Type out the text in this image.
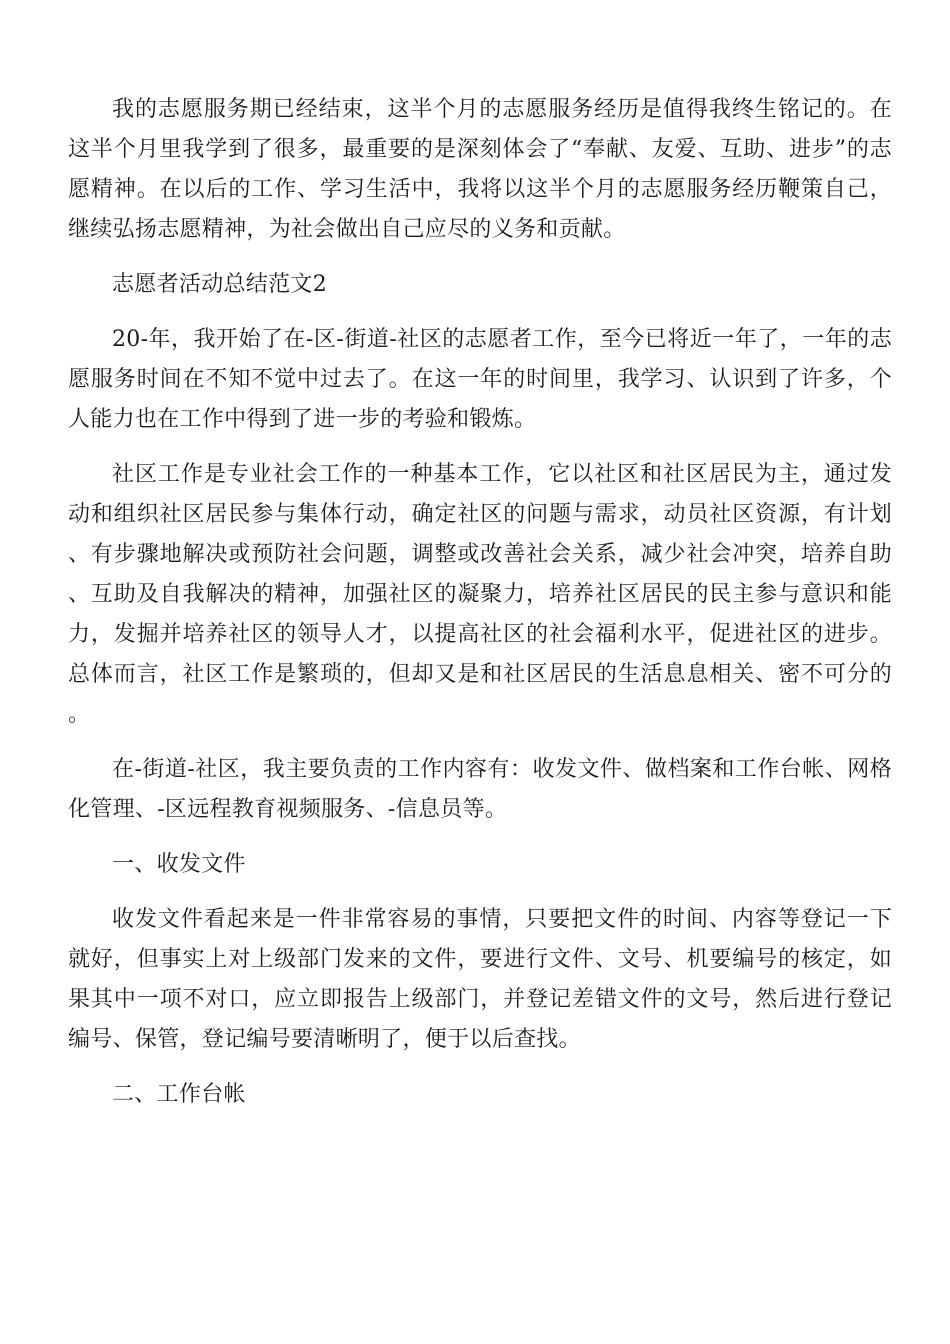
我的志愿服务期已经结束，这半个月的志愿服务经历是值得我终生铭记的。在这半个月里我学到了很多，最重要的是深刻体会了“奉献、友爱、互助、进步”的志愿精神。在以后的工作、学习生活中，我将以这半个月的志愿服务经历鞭策自己，继续弘扬志愿精神，为社会做出自己应尽的义务和贡献。

志愿者活动总结范文2

20-年，我开始了在-区-街道-社区的志愿者工作，至今已将近一年了，一年的志愿服务时间在不知不觉中过去了。在这一年的时间里，我学习、认识到了许多，个人能力也在工作中得到了进一步的考验和锻炼。

社区工作是专业社会工作的一种基本工作，它以社区和社区居民为主，通过发动和组织社区居民参与集体行动，确定社区的问题与需求，动员社区资源，有计划、有步骤地解决或预防社会问题，调整或改善社会关系，减少社会冲突，培养自助、互助及自我解决的精神，加强社区的凝聚力，培养社区居民的民主参与意识和能力，发掘并培养社区的领导人才，以提高社区的社会福利水平，促进社区的进步。总体而言，社区工作是繁琐的，但却又是和社区居民的生活息息相关、密不可分的。

在-街道-社区，我主要负责的工作内容有：收发文件、做档案和工作台帐、网格化管理、-区远程教育视频服务、-信息员等。

一、收发文件

收发文件看起来是一件非常容易的事情，只要把文件的时间、内容等登记一下就好，但事实上对上级部门发来的文件，要进行文件、文号、机要编号的核定，如果其中一项不对口，应立即报告上级部门，并登记差错文件的文号，然后进行登记编号、保管，登记编号要清晰明了，便于以后查找。

二、工作台帐
